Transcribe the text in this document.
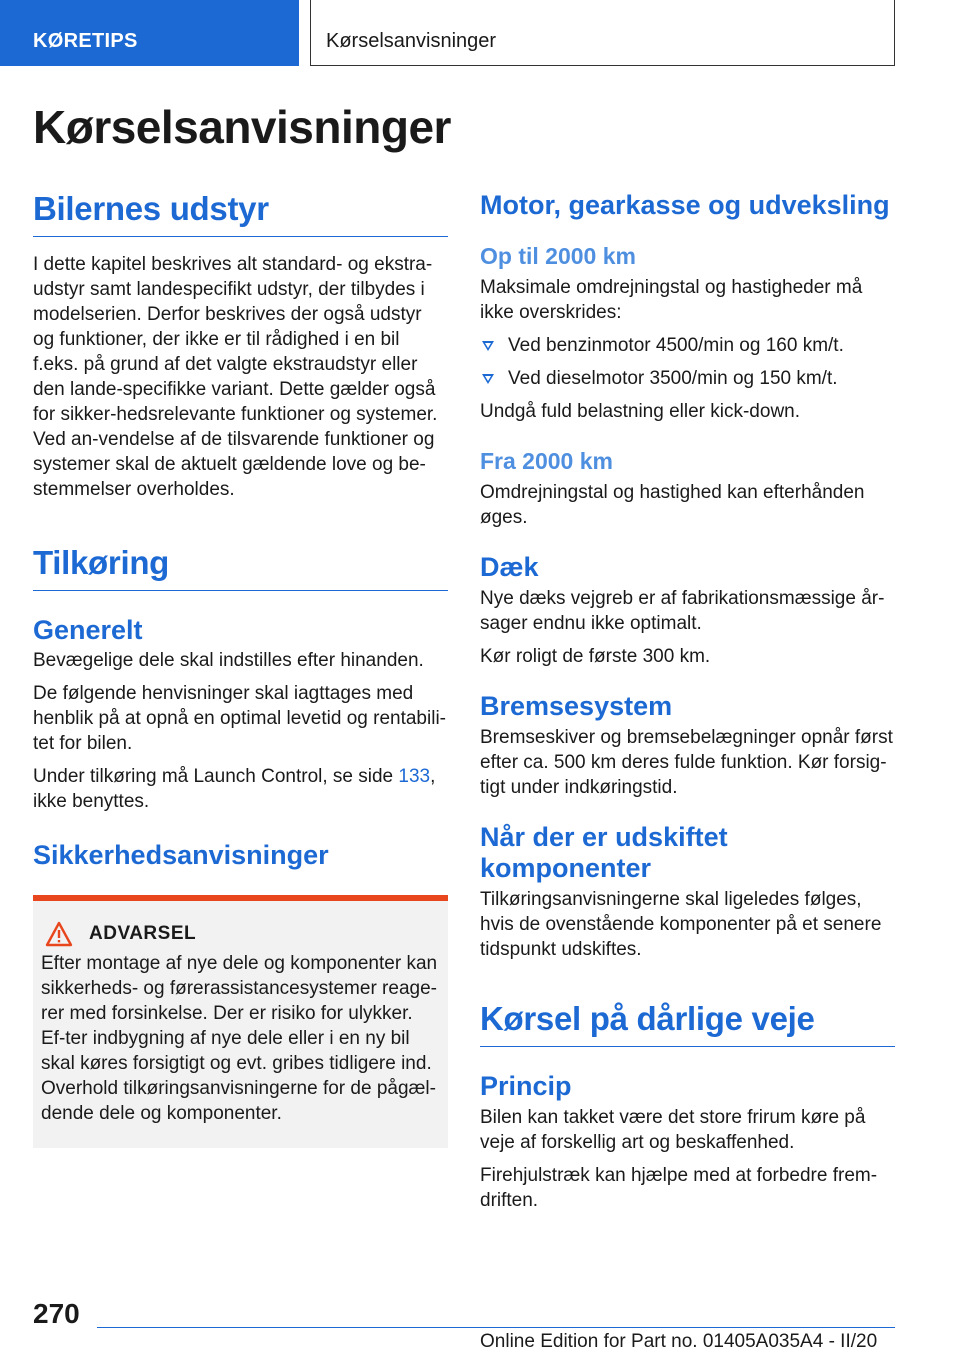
KØRETIPS	Kørselsanvisninger
Kørselsanvisninger
Bilernes udstyr

I dette kapitel beskrives alt standard- og ekstra-udstyr samt landespecifikt udstyr, der tilbydes i modelserien. Derfor beskrives der også udstyr og funktioner, der ikke er til rådighed i en bil f.eks. på grund af det valgte ekstraudstyr eller den lande-specifikke variant. Dette gælder også for sikker-hedsrelevante funktioner og systemer. Ved an-vendelse af de tilsvarende funktioner og systemer skal de aktuelt gældende love og be-stemmelser overholdes.

Tilkøring
Generelt

Bevægelige dele skal indstilles efter hinanden.

De følgende henvisninger skal iagttages med henblik på at opnå en optimal levetid og rentabili-tet for bilen.

Under tilkøring må Launch Control, se side 133,
ikke benyttes.

Sikkerhedsanvisninger
ADVARSEL

Efter montage af nye dele og komponenter kan sikkerheds- og førerassistancesystemer reage-rer med forsinkelse. Der er risiko for ulykker. Ef-ter indbygning af nye dele eller i en ny bil skal køres forsigtigt og evt. gribes tidligere ind. Overhold tilkøringsanvisningerne for de pågæl-dende dele og komponenter.

Motor, gearkasse og udveksling
Op til 2000 km

Maksimale omdrejningstal og hastigheder må ikke overskrides:

Ved benzinmotor 4500/min og 160 km/t.
Ved dieselmotor 3500/min og 150 km/t.

Undgå fuld belastning eller kick-down.

Fra 2000 km

Omdrejningstal og hastighed kan efterhånden øges.

Dæk

Nye dæks vejgreb er af fabrikationsmæssige år-sager endnu ikke optimalt.

Kør roligt de første 300 km.

Bremsesystem

Bremseskiver og bremsebelægninger opnår først efter ca. 500 km deres fulde funktion. Kør forsig-tigt under indkøringstid.

Når der er udskiftet komponenter

Tilkøringsanvisningerne skal ligeledes følges, hvis de ovenstående komponenter på et senere tidspunkt udskiftes.

Kørsel på dårlige veje
Princip

Bilen kan takket være det store frirum køre på veje af forskellig art og beskaffenhed.

Firehjulstræk kan hjælpe med at forbedre frem-driften.

270
Online Edition for Part no. 01405A035A4 - II/20
